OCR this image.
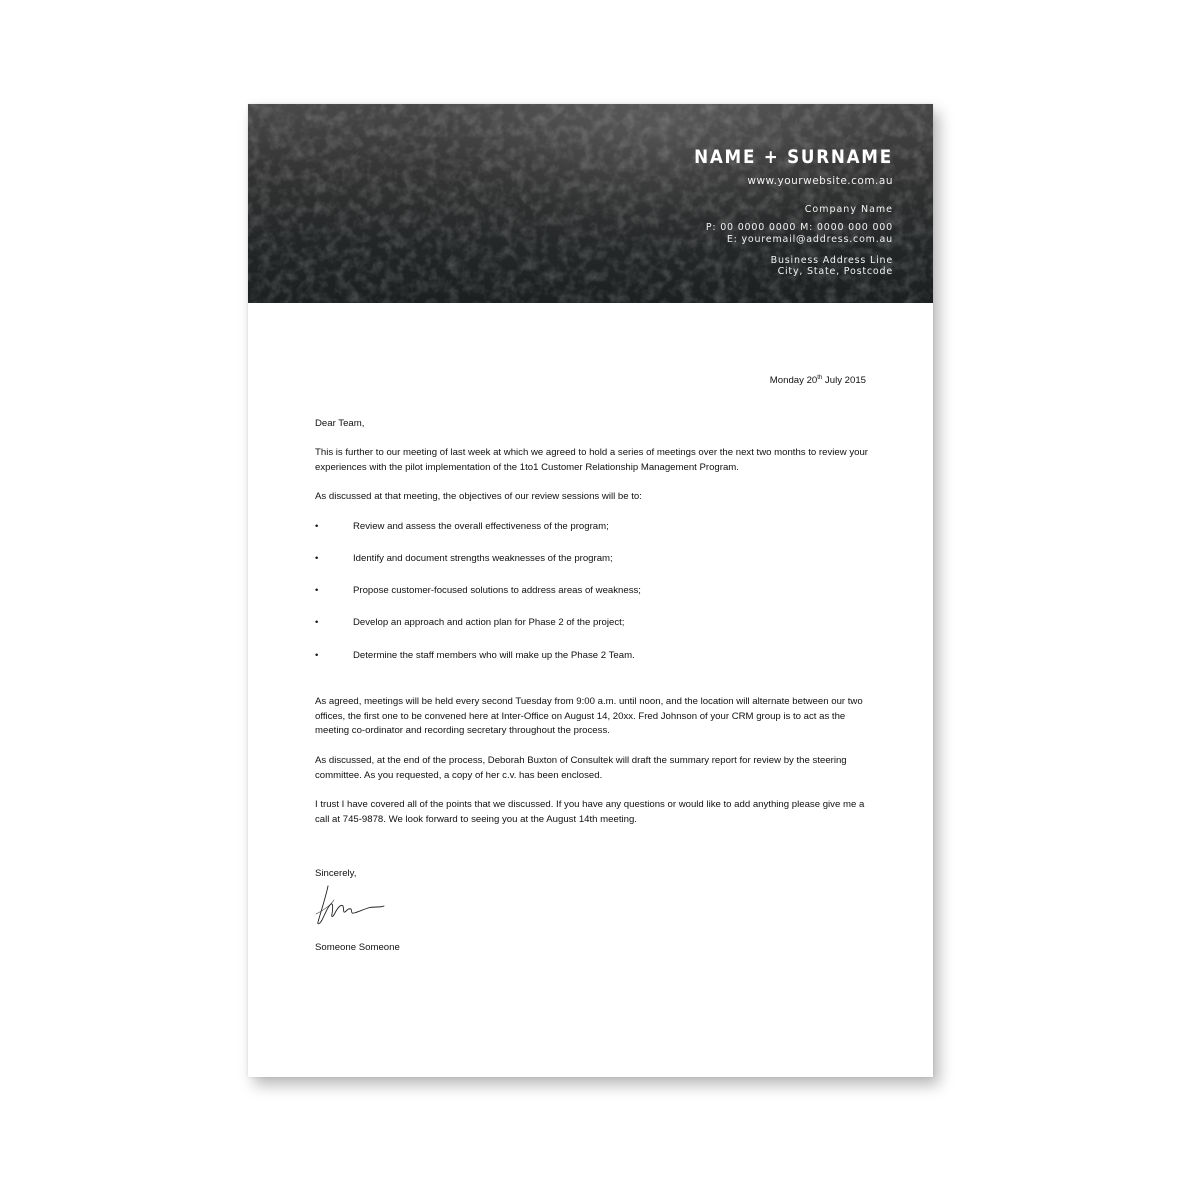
NAME + SURNAME
www.yourwebsite.com.au
Company Name
P: 00 0000 0000 M: 0000 000 000
E: youremail@address.com.au
Business Address Line
City, State, Postcode
Monday 20th July 2015
Dear Team,
This is further to our meeting of last week at which we agreed to hold a series of meetings over the next two months to review your experiences with the pilot implementation of the 1to1 Customer Relationship Management Program.
As discussed at that meeting, the objectives of our review sessions will be to:
•	Review and assess the overall effectiveness of the program;
•	Identify and document strengths weaknesses of the program;
•	Propose customer-focused solutions to address areas of weakness;
•	Develop an approach and action plan for Phase 2 of the project;
•	Determine the staff members who will make up the Phase 2 Team.
As agreed, meetings will be held every second Tuesday from 9:00 a.m. until noon, and the location will alternate between our two offices, the first one to be convened here at Inter-Office on August 14, 20xx. Fred Johnson of your CRM group is to act as the meeting co-ordinator and recording secretary throughout the process.
As discussed, at the end of the process, Deborah Buxton of Consultek will draft the summary report for review by the steering committee. As you requested, a copy of her c.v. has been enclosed.
I trust I have covered all of the points that we discussed. If you have any questions or would like to add anything please give me a call at 745-9878. We look forward to seeing you at the August 14th meeting.
Sincerely,
Someone Someone
